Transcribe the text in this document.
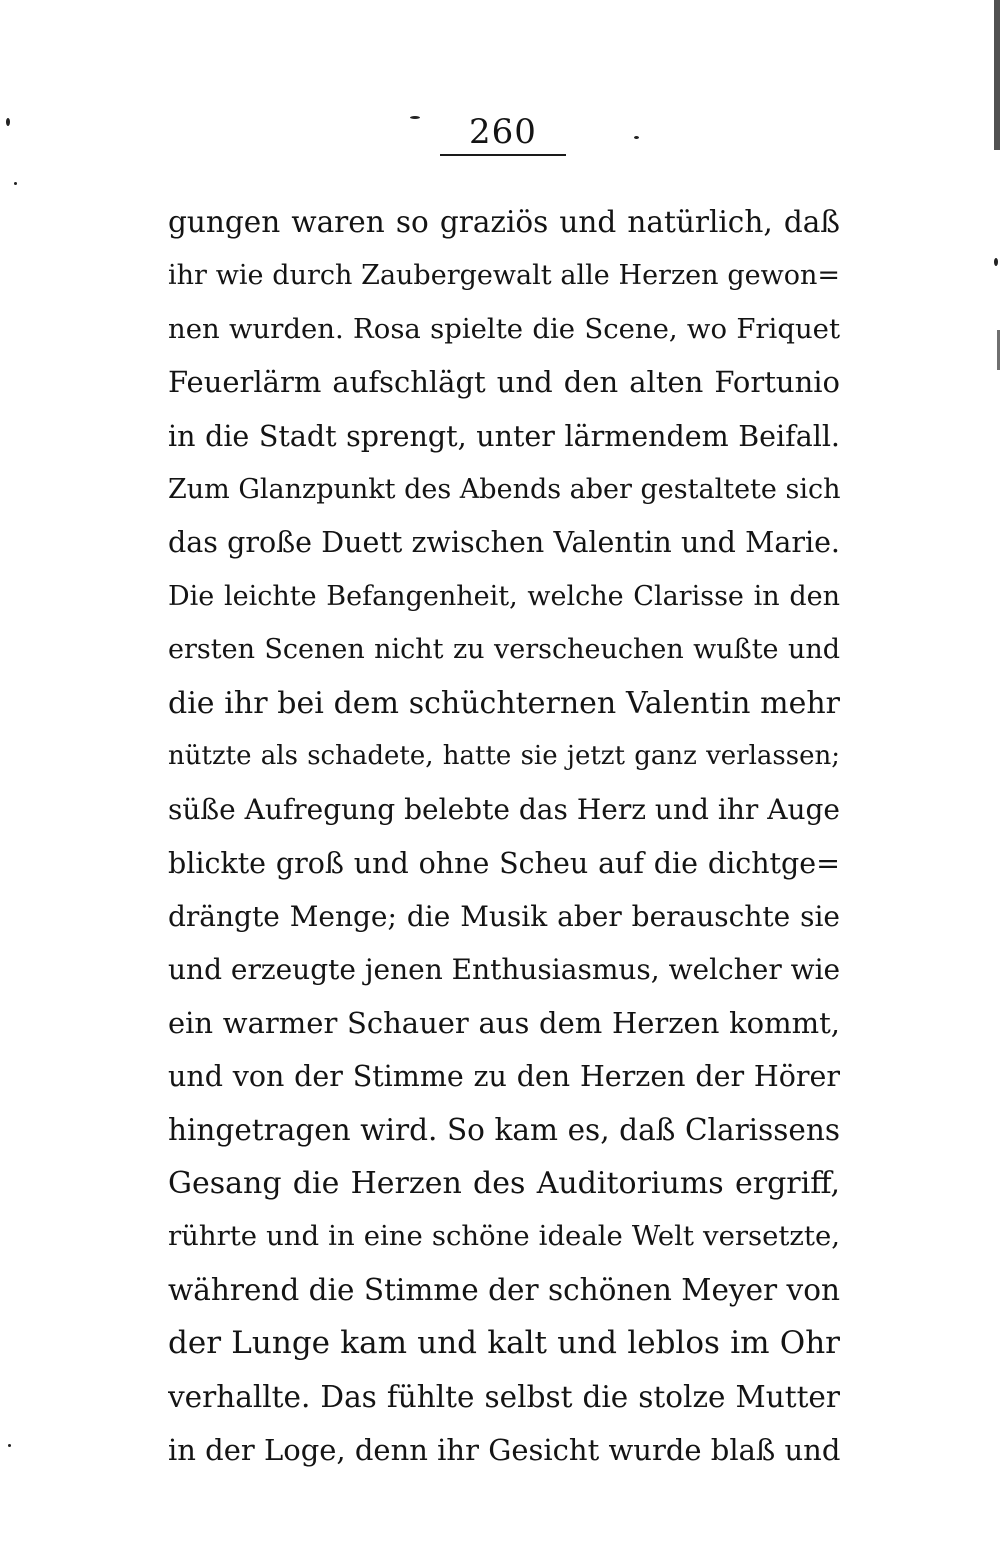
260
gungen waren so graziös und natürlich, daß
ihr wie durch Zaubergewalt alle Herzen gewon=
nen wurden. Rosa spielte die Scene, wo Friquet
Feuerlärm aufschlägt und den alten Fortunio
in die Stadt sprengt, unter lärmendem Beifall.
Zum Glanzpunkt des Abends aber gestaltete sich
das große Duett zwischen Valentin und Marie.
Die leichte Befangenheit, welche Clarisse in den
ersten Scenen nicht zu verscheuchen wußte und
die ihr bei dem schüchternen Valentin mehr
nützte als schadete, hatte sie jetzt ganz verlassen;
süße Aufregung belebte das Herz und ihr Auge
blickte groß und ohne Scheu auf die dichtge=
drängte Menge; die Musik aber berauschte sie
und erzeugte jenen Enthusiasmus, welcher wie
ein warmer Schauer aus dem Herzen kommt,
und von der Stimme zu den Herzen der Hörer
hingetragen wird. So kam es, daß Clarissens
Gesang die Herzen des Auditoriums ergriff,
rührte und in eine schöne ideale Welt versetzte,
während die Stimme der schönen Meyer von
der Lunge kam und kalt und leblos im Ohr
verhallte. Das fühlte selbst die stolze Mutter
in der Loge, denn ihr Gesicht wurde blaß und
